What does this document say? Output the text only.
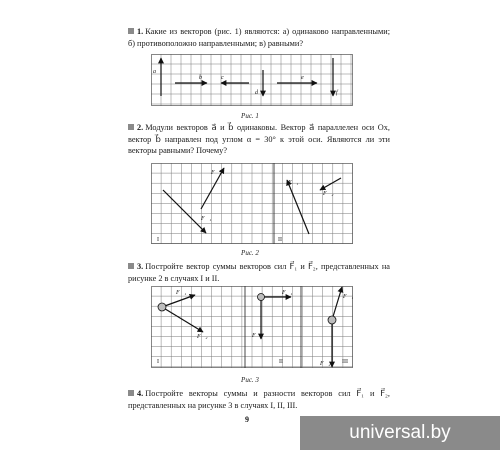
1. Какие из векторов (рис. 1) являются: а) одинаково направленными; б) противоположно направленными; в) равными?
a⃗
b⃗ c⃗
d⃗
e⃗
f⃗
Рис. 1
2. Модули векторов a⃗ и b⃗ одинаковы. Вектор a⃗ параллелен оси Ox, вектор b⃗ направлен под углом α = 30° к этой оси. Являются ли эти векторы равными? Почему?
F⃗₁
F⃗₂
F⃗₁
F⃗₂
I	II
Рис. 2
3. Постройте вектор суммы векторов сил F⃗₁ и F⃗₂, представленных на рисунке 2 в случаях I и II.
F⃗₁
F⃗₂
F⃗₁
F⃗₂
F⃗₁
F⃗₂
I	II	III
Рис. 3
4. Постройте векторы суммы и разности векторов сил F⃗₁ и F⃗₂, представленных на рисунке 3 в случаях I, II, III.
9
universal.by
